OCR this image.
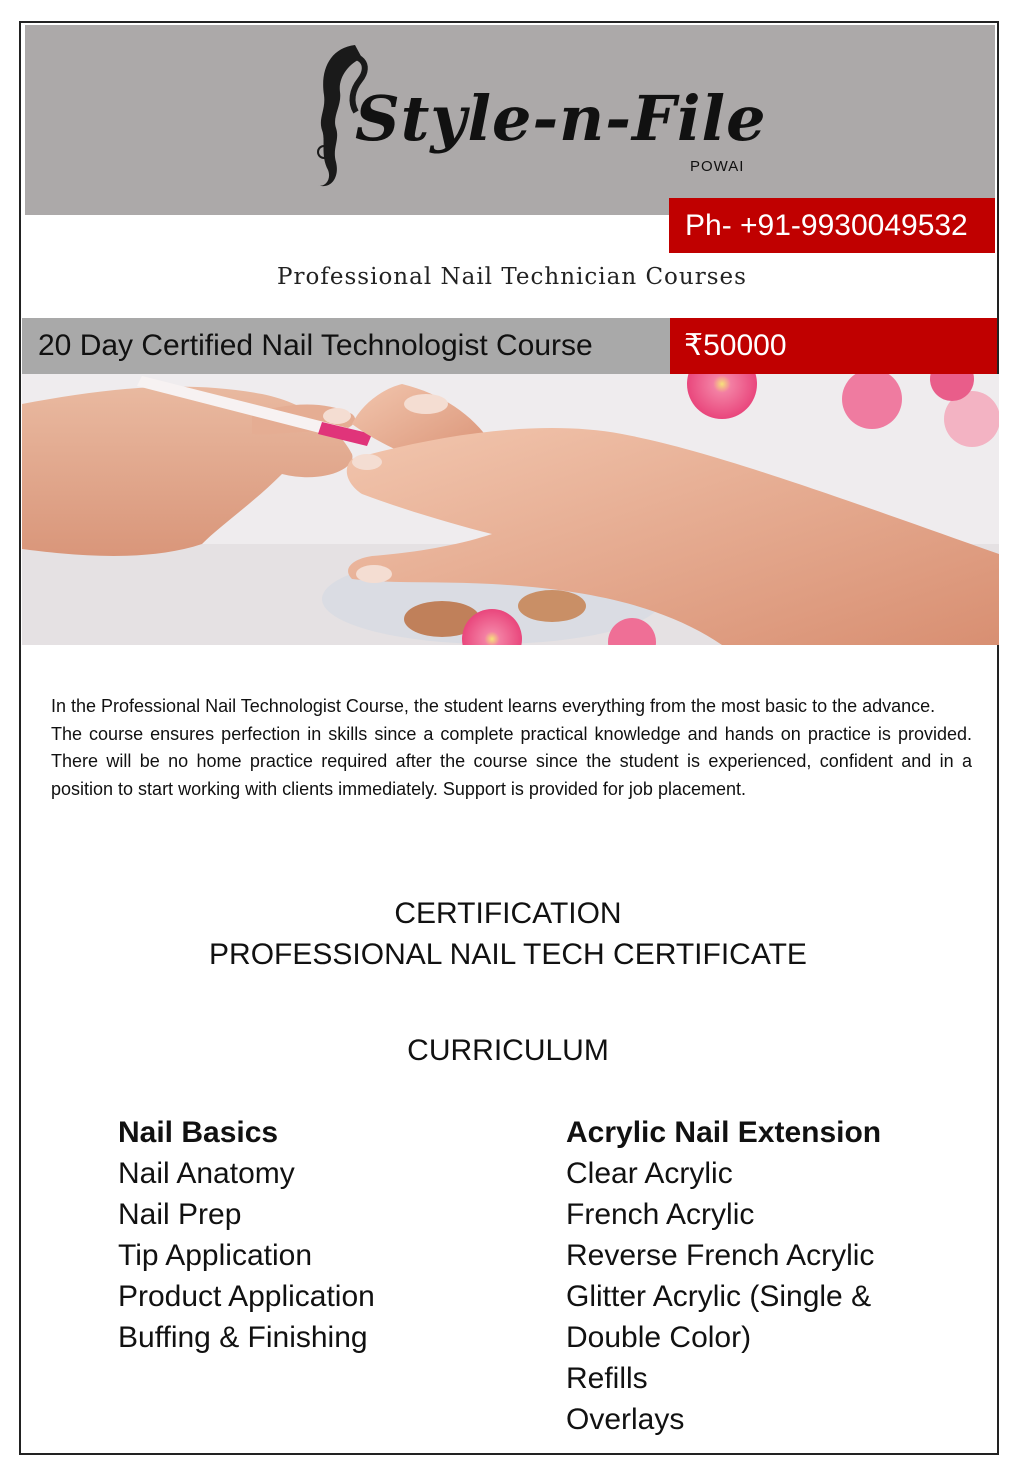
Style-n-File
POWAI
Ph- +91-9930049532
Professional Nail Technician Courses
20 Day Certified Nail Technologist Course	₹50000

In the Professional Nail Technologist Course, the student learns everything from the most basic to the advance.

The course ensures perfection in skills since a complete practical knowledge and hands on practice is provided. There will be no home practice required after the course since the student is experienced, confident and in a position to start working with clients immediately. Support is provided for job placement.

CERTIFICATION
PROFESSIONAL NAIL TECH CERTIFICATE
CURRICULUM
Nail Basics
Nail Anatomy
Nail Prep
Tip Application
Product Application
Buffing & Finishing
Acrylic Nail Extension
Clear Acrylic
French Acrylic
Reverse French Acrylic
Glitter Acrylic (Single &
Double Color)
Refills
Overlays
